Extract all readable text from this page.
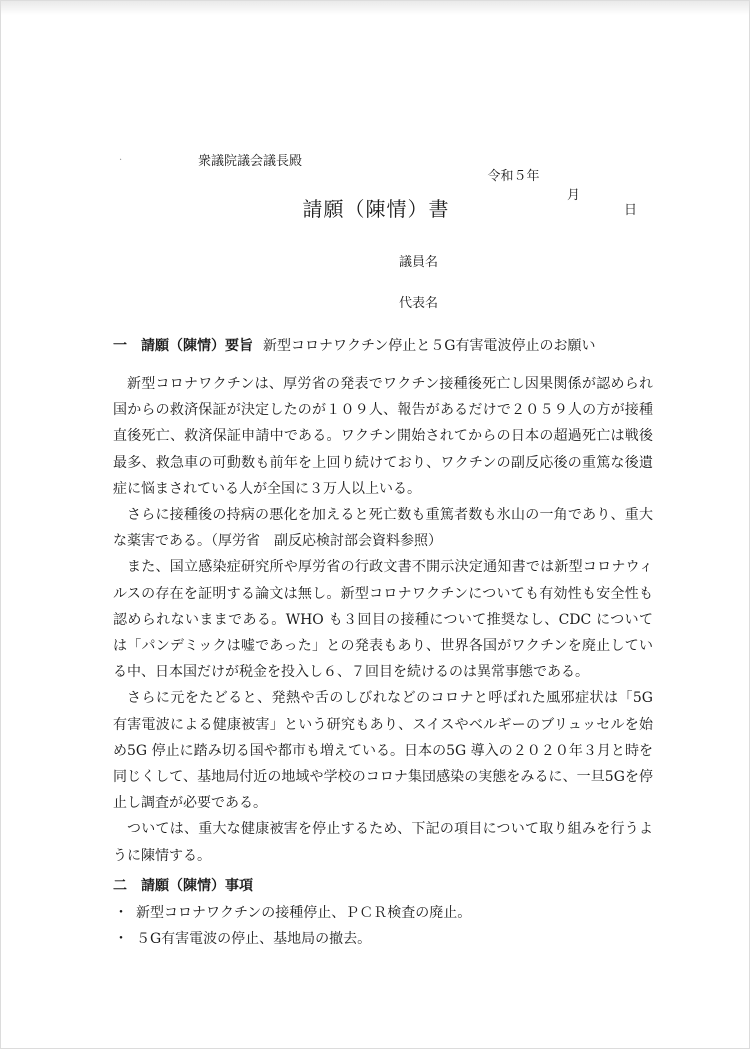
·	衆議院議会議長殿

令和５年

月

日

請願（陳情）書
議員名
代表名
一 請願（陳情）要旨 新型コロナワクチン停止と５G有害電波停止のお願い

新型コロナワクチンは、厚労省の発表でワクチン接種後死亡し因果関係が認められ国からの救済保証が決定したのが１０９人、報告があるだけで２０５９人の方が接種直後死亡、救済保証申請中である。ワクチン開始されてからの日本の超過死亡は戦後最多、救急車の可動数も前年を上回り続けており、ワクチンの副反応後の重篤な後遺症に悩まされている人が全国に３万人以上いる。

さらに接種後の持病の悪化を加えると死亡数も重篤者数も氷山の一角であり、重大な薬害である。（厚労省　副反応検討部会資料参照）

また、国立感染症研究所や厚労省の行政文書不開示決定通知書では新型コロナウィルスの存在を証明する論文は無し。新型コロナワクチンについても有効性も安全性も認められないままである。WHO も３回目の接種について推奨なし、CDC については「パンデミックは嘘であった」との発表もあり、世界各国がワクチンを廃止している中、日本国だけが税金を投入し６、７回目を続けるのは異常事態である。

さらに元をたどると、発熱や舌のしびれなどのコロナと呼ばれた風邪症状は「5G 有害電波による健康被害」という研究もあり、スイスやベルギーのブリュッセルを始め5G 停止に踏み切る国や都市も増えている。日本の5G 導入の２０２０年３月と時を同じくして、基地局付近の地域や学校のコロナ集団感染の実態をみるに、一旦5Gを停止し調査が必要である。

ついては、重大な健康被害を停止するため、下記の項目について取り組みを行うように陳情する。

二 請願（陳情）事項
・ 新型コロナワクチンの接種停止、ＰＣＲ検査の廃止。
・ ５G有害電波の停止、基地局の撤去。
